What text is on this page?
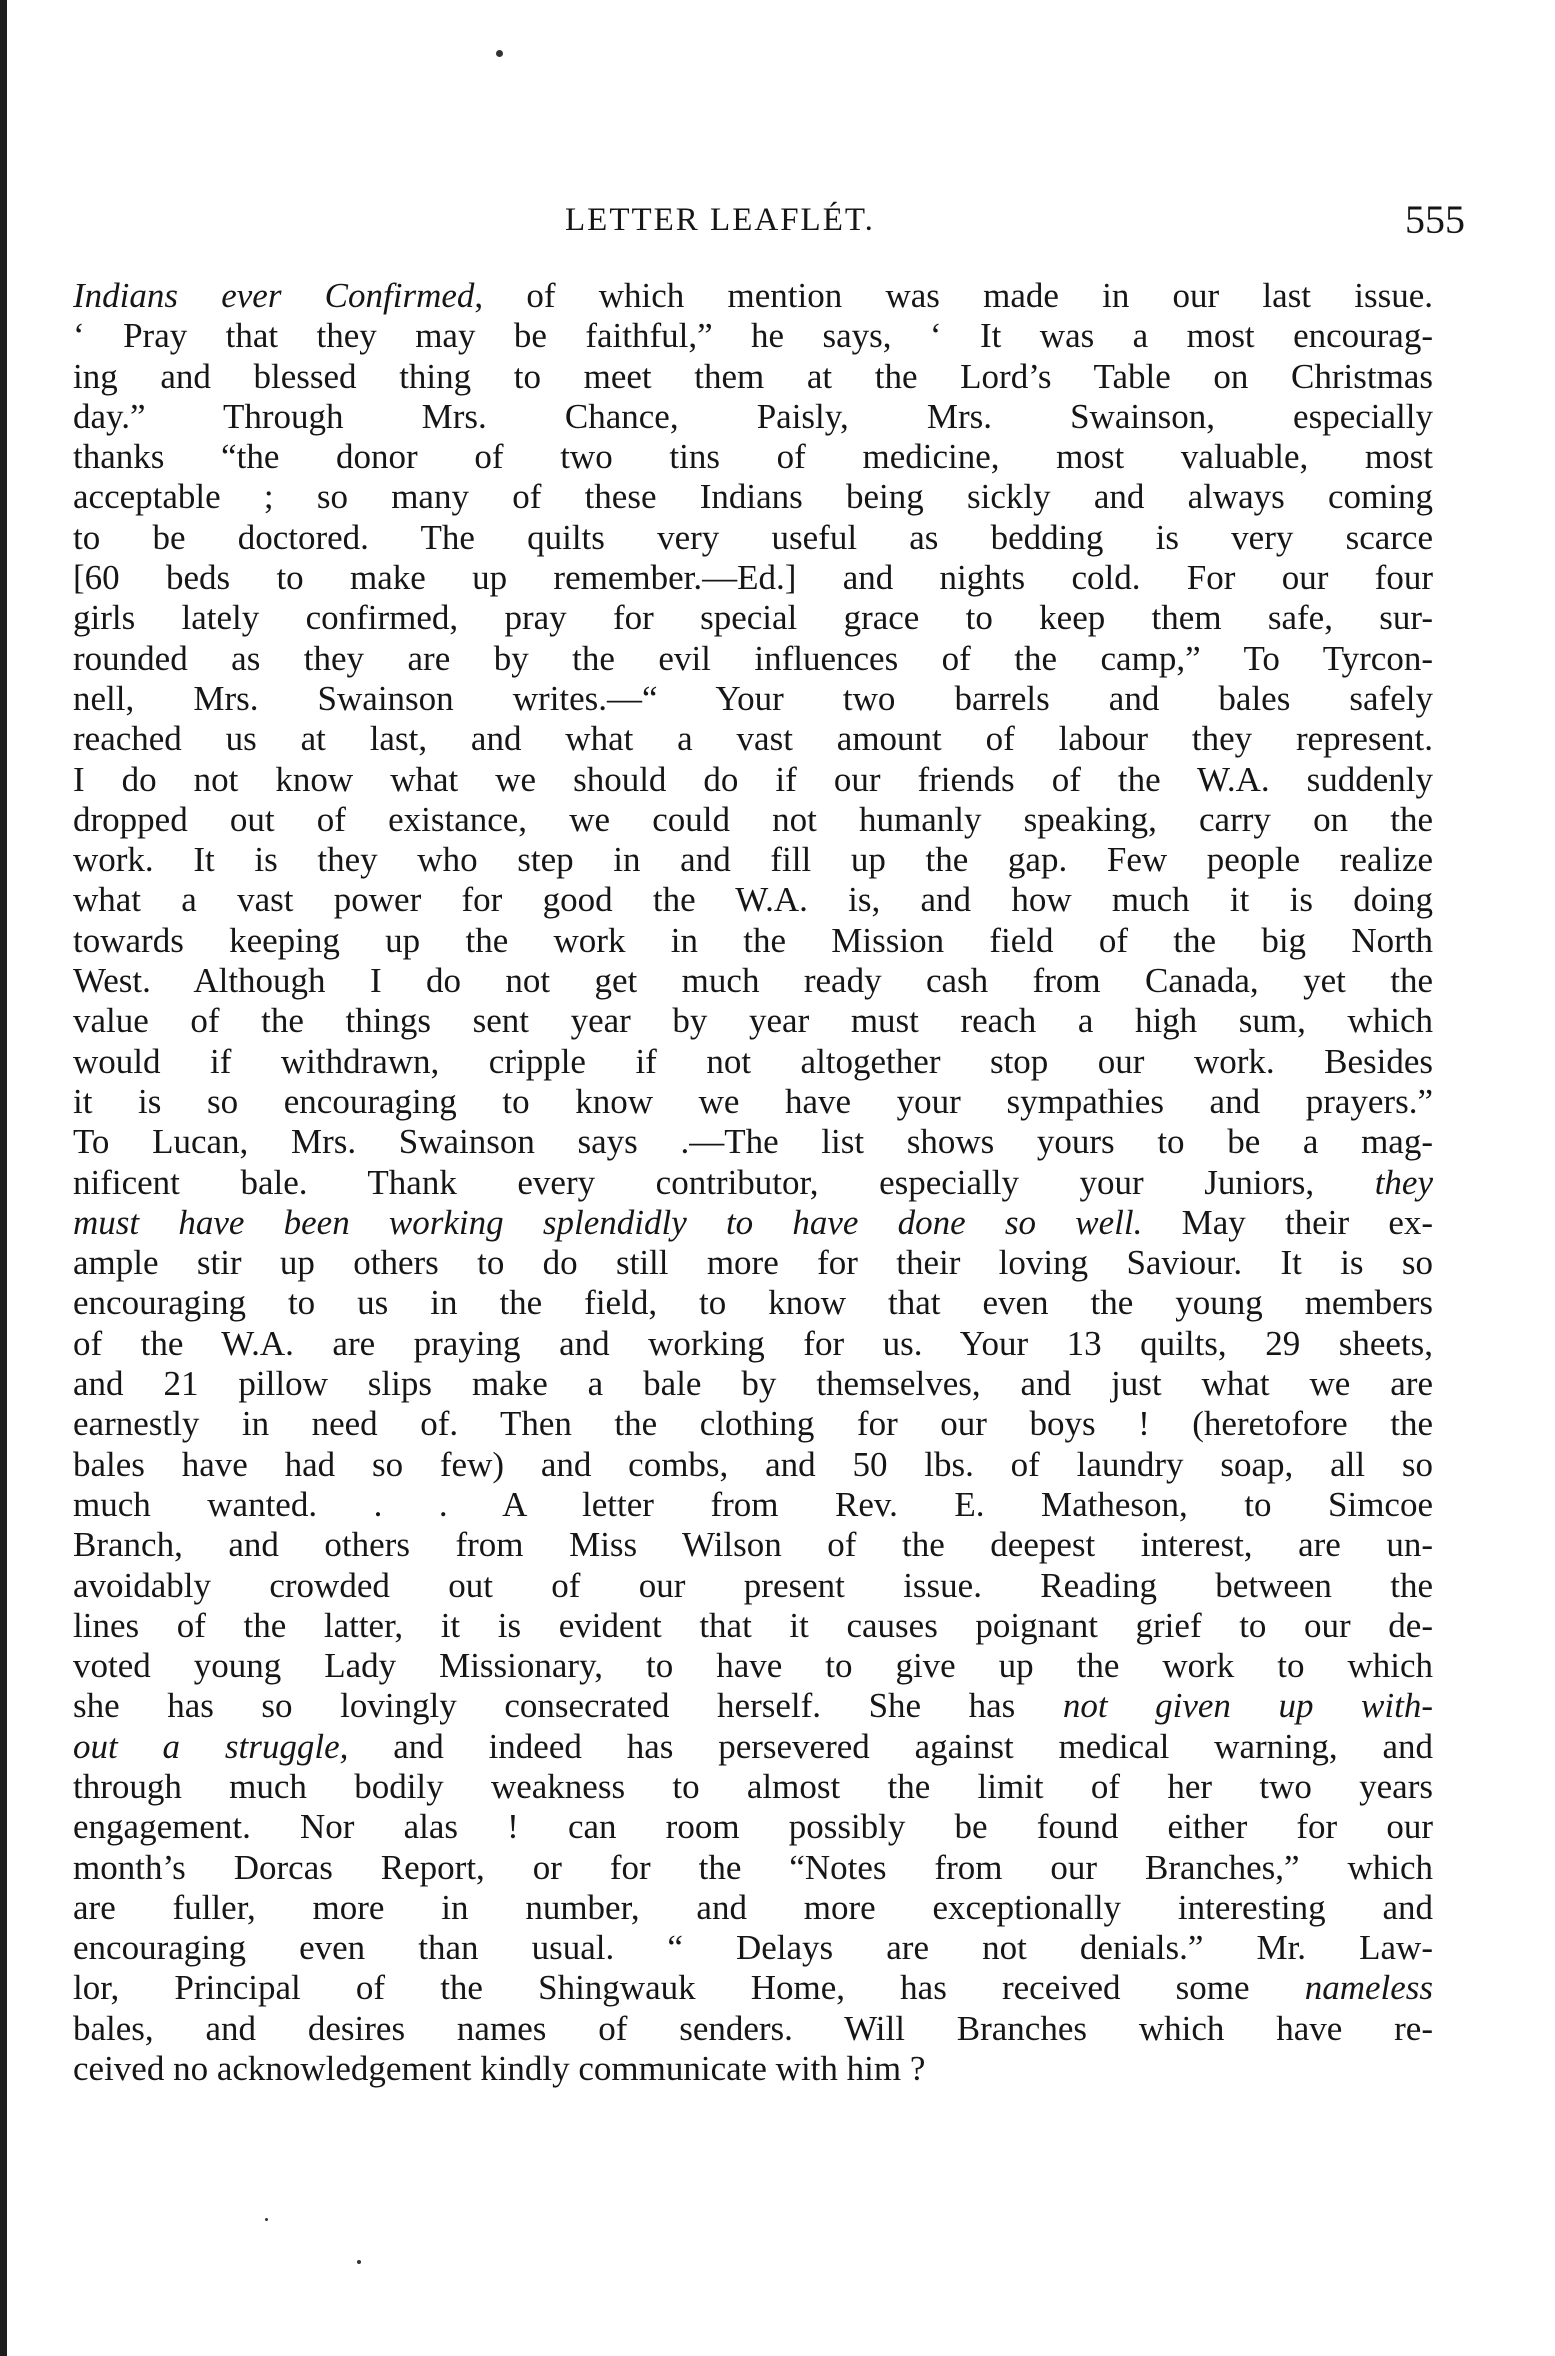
LETTER LEAFLÉT.	555
Indians ever Confirmed, of which mention was made in our last issue.
‘ Pray that they may be faithful,” he says, ‘ It was a most encourag-
ing and blessed thing to meet them at the Lord’s Table on Christmas
day.” Through Mrs. Chance, Paisly, Mrs. Swainson, especially
thanks “the donor of two tins of medicine, most valuable, most
acceptable ; so many of these Indians being sickly and always coming
to be doctored. The quilts very useful as bedding is very scarce
[60 beds to make up remember.—Ed.] and nights cold. For our four
girls lately confirmed, pray for special grace to keep them safe, sur-
rounded as they are by the evil influences of the camp,” To Tyrcon-
nell, Mrs. Swainson writes.—“ Your two barrels and bales safely
reached us at last, and what a vast amount of labour they represent.
I do not know what we should do if our friends of the W.A. suddenly
dropped out of existance, we could not humanly speaking, carry on the
work. It is they who step in and fill up the gap. Few people realize
what a vast power for good the W.A. is, and how much it is doing
towards keeping up the work in the Mission field of the big North
West. Although I do not get much ready cash from Canada, yet the
value of the things sent year by year must reach a high sum, which
would if withdrawn, cripple if not altogether stop our work. Besides
it is so encouraging to know we have your sympathies and prayers.”
To Lucan, Mrs. Swainson says .—The list shows yours to be a mag-
nificent bale. Thank every contributor, especially your Juniors, they
must have been working splendidly to have done so well. May their ex-
ample stir up others to do still more for their loving Saviour. It is so
encouraging to us in the field, to know that even the young members
of the W.A. are praying and working for us. Your 13 quilts, 29 sheets,
and 21 pillow slips make a bale by themselves, and just what we are
earnestly in need of. Then the clothing for our boys ! (heretofore the
bales have had so few) and combs, and 50 lbs. of laundry soap, all so
much wanted. . . A letter from Rev. E. Matheson, to Simcoe
Branch, and others from Miss Wilson of the deepest interest, are un-
avoidably crowded out of our present issue. Reading between the
lines of the latter, it is evident that it causes poignant grief to our de-
voted young Lady Missionary, to have to give up the work to which
she has so lovingly consecrated herself. She has not given up with-
out a struggle, and indeed has persevered against medical warning, and
through much bodily weakness to almost the limit of her two years
engagement. Nor alas ! can room possibly be found either for our
month’s Dorcas Report, or for the “Notes from our Branches,” which
are fuller, more in number, and more exceptionally interesting and
encouraging even than usual. “ Delays are not denials.” Mr. Law-
lor, Principal of the Shingwauk Home, has received some nameless
bales, and desires names of senders. Will Branches which have re-
ceived no acknowledgement kindly communicate with him ?
